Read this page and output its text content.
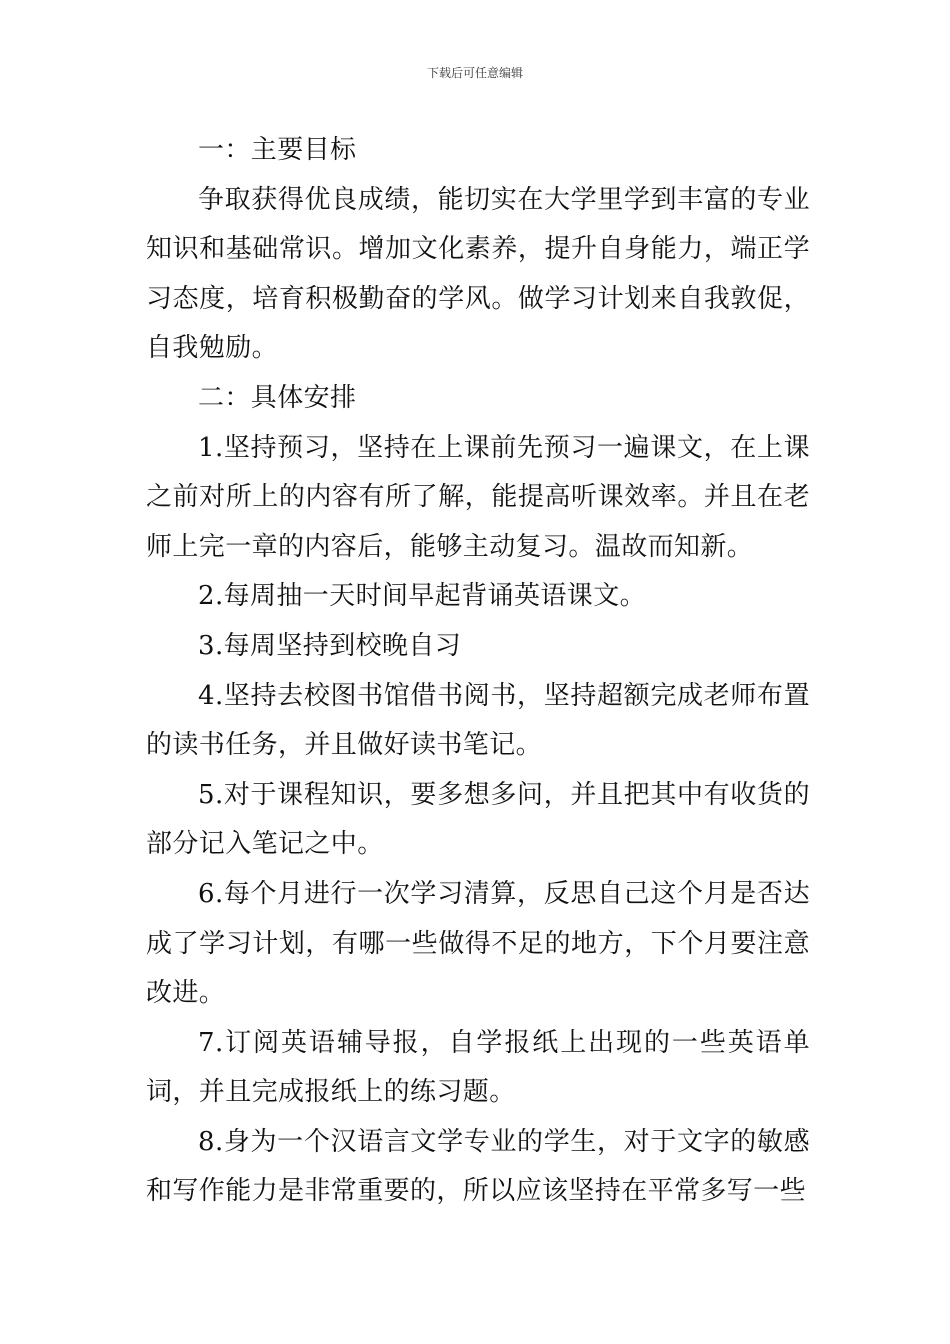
下载后可任意编辑

一：主要目标

争取获得优良成绩，能切实在大学里学到丰富的专业知识和基础常识。增加文化素养，提升自身能力，端正学习态度，培育积极勤奋的学风。做学习计划来自我敦促，自我勉励。

二：具体安排

1.坚持预习，坚持在上课前先预习一遍课文，在上课之前对所上的内容有所了解，能提高听课效率。并且在老师上完一章的内容后，能够主动复习。温故而知新。

2.每周抽一天时间早起背诵英语课文。

3.每周坚持到校晚自习

4.坚持去校图书馆借书阅书，坚持超额完成老师布置的读书任务，并且做好读书笔记。

5.对于课程知识，要多想多问，并且把其中有收货的部分记入笔记之中。

6.每个月进行一次学习清算，反思自己这个月是否达成了学习计划，有哪一些做得不足的地方，下个月要注意改进。

7.订阅英语辅导报，自学报纸上出现的一些英语单词，并且完成报纸上的练习题。

8.身为一个汉语言文学专业的学生，对于文字的敏感和写作能力是非常重要的，所以应该坚持在平常多写一些
